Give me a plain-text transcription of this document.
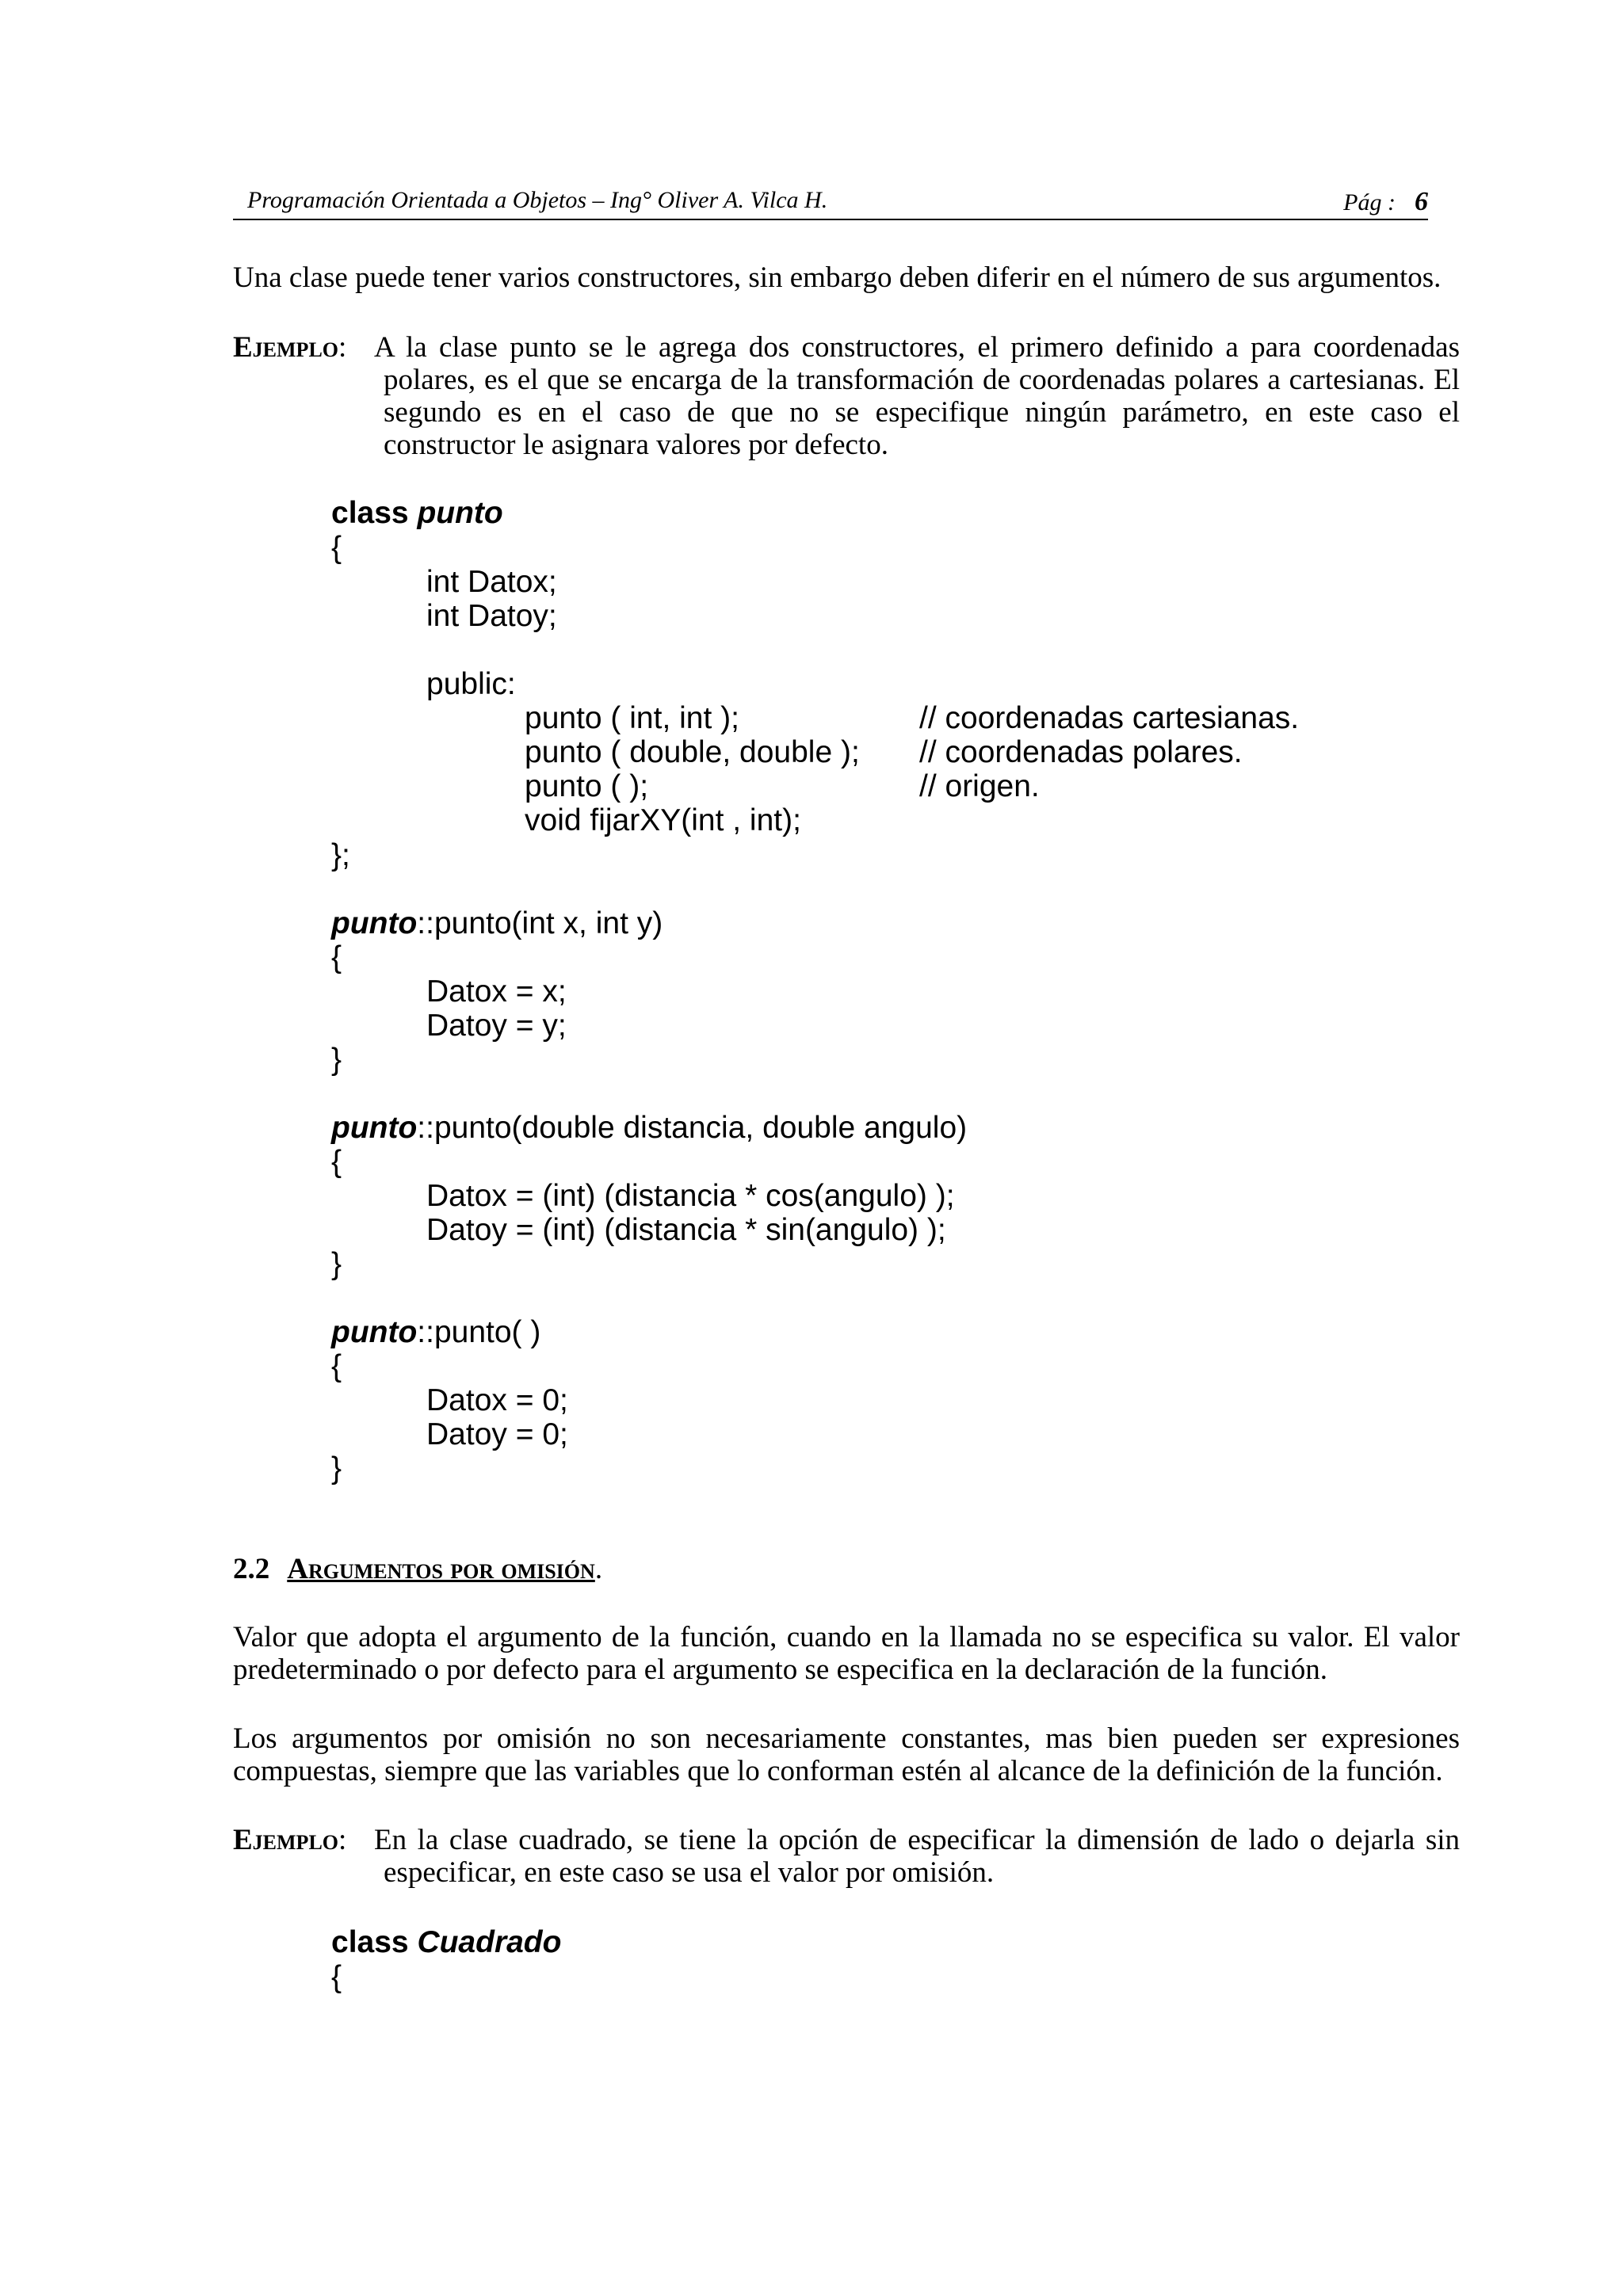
Programación Orientada a Objetos – Ing° Oliver A. Vilca H.	Pág : 6
Una clase puede tener varios constructores, sin embargo deben diferir en el número de sus argumentos.
Ejemplo: A la clase punto se le agrega dos constructores, el primero definido a para coordenadas polares, es el que se encarga de la transformación de coordenadas polares a cartesianas. El segundo es en el caso de que no se especifique ningún parámetro, en este caso el constructor le asignara valores por defecto.
class punto
{
int Datox;
int Datoy;
public:
punto ( int, int );
punto ( double, double );
punto ( );
void fijarXY(int , int);
// coordenadas cartesianas.
// coordenadas polares.
// origen.
};
punto::punto(int x, int y)
{
Datox = x;
Datoy = y;
}
punto::punto(double distancia, double angulo)
{
Datox = (int) (distancia * cos(angulo) );
Datoy = (int) (distancia * sin(angulo) );
}
punto::punto( )
{
Datox = 0;
Datoy = 0;
}
2.2 Argumentos por omisión.
Valor que adopta el argumento de la función, cuando en la llamada no se especifica su valor. El valor predeterminado o por defecto para el argumento se especifica en la declaración de la función.
Los argumentos por omisión no son necesariamente constantes, mas bien pueden ser expresiones compuestas, siempre que las variables que lo conforman estén al alcance de la definición de la función.
Ejemplo: En la clase cuadrado, se tiene la opción de especificar la dimensión de lado o dejarla sin especificar, en este caso se usa el valor por omisión.
class Cuadrado
{
